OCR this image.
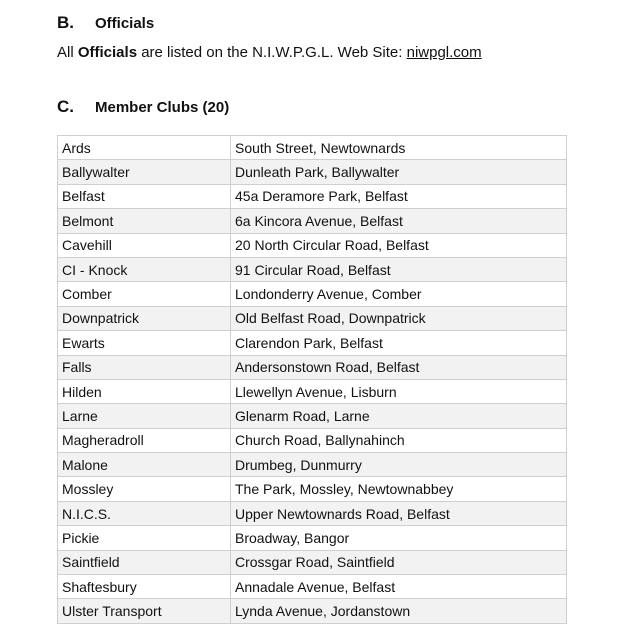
B.	Officials
All Officials are listed on the N.I.W.P.G.L. Web Site: niwpgl.com
C.	Member Clubs (20)
Ards	South Street, Newtownards
Ballywalter	Dunleath Park, Ballywalter
Belfast	45a Deramore Park, Belfast
Belmont	6a Kincora Avenue, Belfast
Cavehill	20 North Circular Road, Belfast
CI - Knock	91 Circular Road, Belfast
Comber	Londonderry Avenue, Comber
Downpatrick	Old Belfast Road, Downpatrick
Ewarts	Clarendon Park, Belfast
Falls	Andersonstown Road, Belfast
Hilden	Llewellyn Avenue, Lisburn
Larne	Glenarm Road, Larne
Magheradroll	Church Road, Ballynahinch
Malone	Drumbeg, Dunmurry
Mossley	The Park, Mossley, Newtownabbey
N.I.C.S.	Upper Newtownards Road, Belfast
Pickie	Broadway, Bangor
Saintfield	Crossgar Road, Saintfield
Shaftesbury	Annadale Avenue, Belfast
Ulster Transport	Lynda Avenue, Jordanstown
